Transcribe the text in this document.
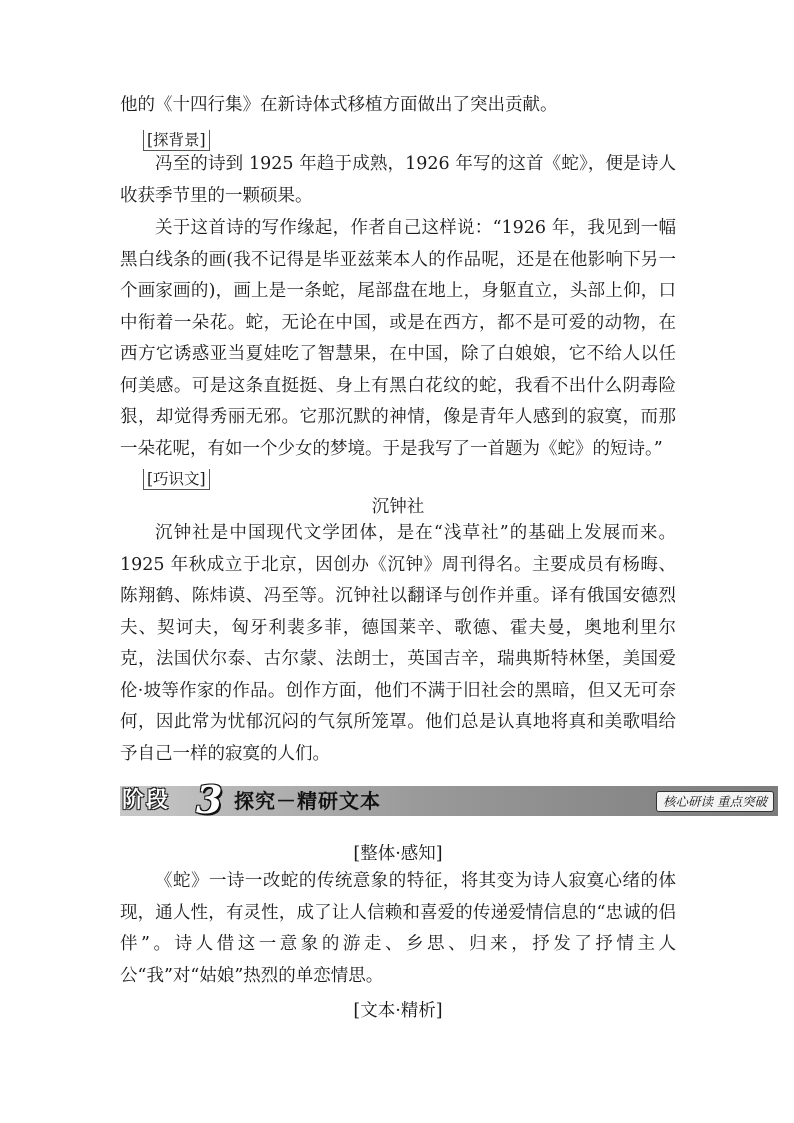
他的《十四行集》在新诗体式移植方面做出了突出贡献。

[探背景]

冯至的诗到 1925 年趋于成熟，1926 年写的这首《蛇》，便是诗人收获季节里的一颗硕果。

关于这首诗的写作缘起，作者自己这样说：“1926 年，我见到一幅黑白线条的画(我不记得是毕亚兹莱本人的作品呢，还是在他影响下另一个画家画的)，画上是一条蛇，尾部盘在地上，身躯直立，头部上仰，口中衔着一朵花。蛇，无论在中国，或是在西方，都不是可爱的动物，在西方它诱惑亚当夏娃吃了智慧果，在中国，除了白娘娘，它不给人以任何美感。可是这条直挺挺、身上有黑白花纹的蛇，我看不出什么阴毒险狠，却觉得秀丽无邪。它那沉默的神情，像是青年人感到的寂寞，而那一朵花呢，有如一个少女的梦境。于是我写了一首题为《蛇》的短诗。”

[巧识文]

沉钟社

沉钟社是中国现代文学团体，是在“浅草社”的基础上发展而来。1925 年秋成立于北京，因创办《沉钟》周刊得名。主要成员有杨晦、陈翔鹤、陈炜谟、冯至等。沉钟社以翻译与创作并重。译有俄国安德烈夫、契诃夫，匈牙利裴多菲，德国莱辛、歌德、霍夫曼，奥地利里尔克，法国伏尔泰、古尔蒙、法朗士，英国吉辛，瑞典斯特林堡，美国爱伦·坡等作家的作品。创作方面，他们不满于旧社会的黑暗，但又无可奈何，因此常为忧郁沉闷的气氛所笼罩。他们总是认真地将真和美歌唱给予自己一样的寂寞的人们。

阶段 3 探究－精研文本	核心研读 重点突破

[整体·感知]

《蛇》一诗一改蛇的传统意象的特征，将其变为诗人寂寞心绪的体现，通人性，有灵性，成了让人信赖和喜爱的传递爱情信息的“忠诚的侣伴”。诗人借这一意象的游走、乡思、归来，抒发了抒情主人公“我”对“姑娘”热烈的单恋情思。

[文本·精析]
